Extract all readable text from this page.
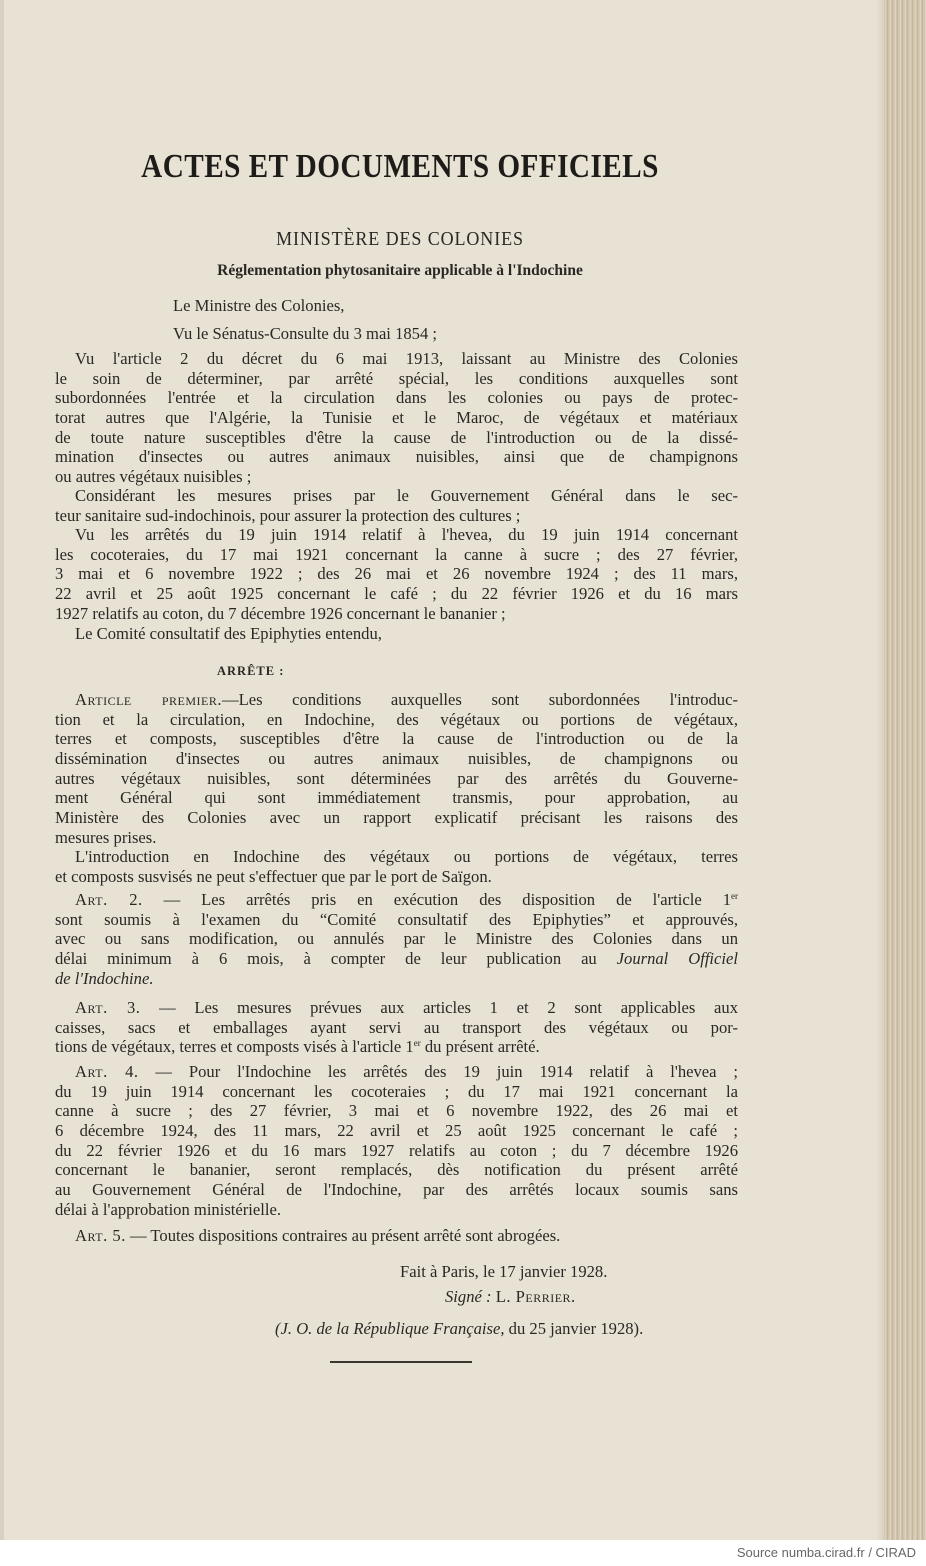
ACTES ET DOCUMENTS OFFICIELS
MINISTÈRE DES COLONIES
Réglementation phytosanitaire applicable à l'Indochine
Le Ministre des Colonies,
Vu le Sénatus-Consulte du 3 mai 1854 ;
Vu l'article 2 du décret du 6 mai 1913, laissant au Ministre des Colonies
le soin de déterminer, par arrêté spécial, les conditions auxquelles sont
subordonnées l'entrée et la circulation dans les colonies ou pays de protec-
torat autres que l'Algérie, la Tunisie et le Maroc, de végétaux et matériaux
de toute nature susceptibles d'être la cause de l'introduction ou de la dissé-
mination d'insectes ou autres animaux nuisibles, ainsi que de champignons
ou autres végétaux nuisibles ;
Considérant les mesures prises par le Gouvernement Général dans le sec-
teur sanitaire sud-indochinois, pour assurer la protection des cultures ;
Vu les arrêtés du 19 juin 1914 relatif à l'hevea, du 19 juin 1914 concernant
les cocoteraies, du 17 mai 1921 concernant la canne à sucre ; des 27 février,
3 mai et 6 novembre 1922 ; des 26 mai et 26 novembre 1924 ; des 11 mars,
22 avril et 25 août 1925 concernant le café ; du 22 février 1926 et du 16 mars
1927 relatifs au coton, du 7 décembre 1926 concernant le bananier ;
Le Comité consultatif des Epiphyties entendu,
Article premier.—Les conditions auxquelles sont subordonnées l'introduc-
tion et la circulation, en Indochine, des végétaux ou portions de végétaux,
terres et composts, susceptibles d'être la cause de l'introduction ou de la
dissémination d'insectes ou autres animaux nuisibles, de champignons ou
autres végétaux nuisibles, sont déterminées par des arrêtés du Gouverne-
ment Général qui sont immédiatement transmis, pour approbation, au
Ministère des Colonies avec un rapport explicatif précisant les raisons des
mesures prises.
L'introduction en Indochine des végétaux ou portions de végétaux, terres
et composts susvisés ne peut s'effectuer que par le port de Saïgon.
Art. 2. — Les arrêtés pris en exécution des disposition de l'article 1er
sont soumis à l'examen du “Comité consultatif des Epiphyties” et approuvés,
avec ou sans modification, ou annulés par le Ministre des Colonies dans un
délai minimum à 6 mois, à compter de leur publication au Journal Officiel
de l'Indochine.
Art. 3. — Les mesures prévues aux articles 1 et 2 sont applicables aux
caisses, sacs et emballages ayant servi au transport des végétaux ou por-
tions de végétaux, terres et composts visés à l'article 1er du présent arrêté.
Art. 4. — Pour l'Indochine les arrêtés des 19 juin 1914 relatif à l'hevea ;
du 19 juin 1914 concernant les cocoteraies ; du 17 mai 1921 concernant la
canne à sucre ; des 27 février, 3 mai et 6 novembre 1922, des 26 mai et
6 décembre 1924, des 11 mars, 22 avril et 25 août 1925 concernant le café ;
du 22 février 1926 et du 16 mars 1927 relatifs au coton ; du 7 décembre 1926
concernant le bananier, seront remplacés, dès notification du présent arrêté
au Gouvernement Général de l'Indochine, par des arrêtés locaux soumis sans
délai à l'approbation ministérielle.
Art. 5. — Toutes dispositions contraires au présent arrêté sont abrogées.
ARRÊTE :
Fait à Paris, le 17 janvier 1928.
Signé : L. Perrier.
(J. O. de la République Française, du 25 janvier 1928).
Source numba.cirad.fr / CIRAD
